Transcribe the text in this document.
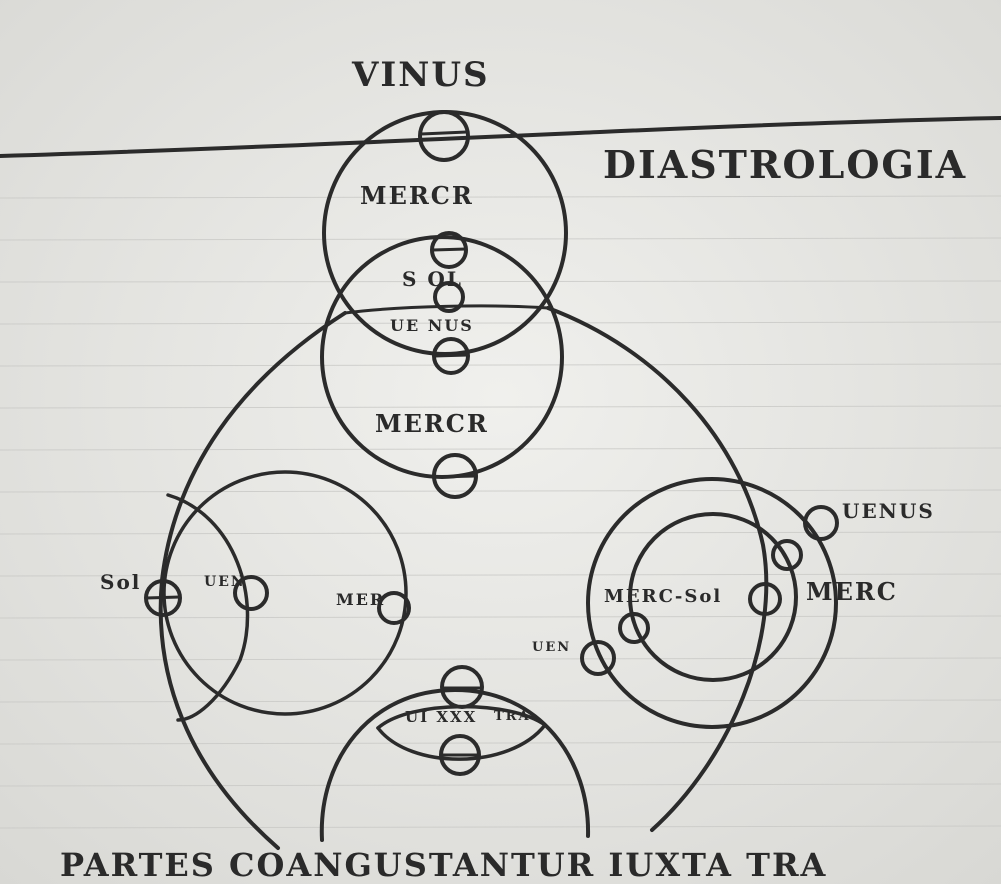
VINUS
DIASTROLOGIA
MERCR
S OL
UE NUS
MERCR
Sol	UEN
MER
UENUS
MERC-Sol	MERC
UEN
UI XXX TRA
PARTES COANGUSTANTUR IUXTA TRA
